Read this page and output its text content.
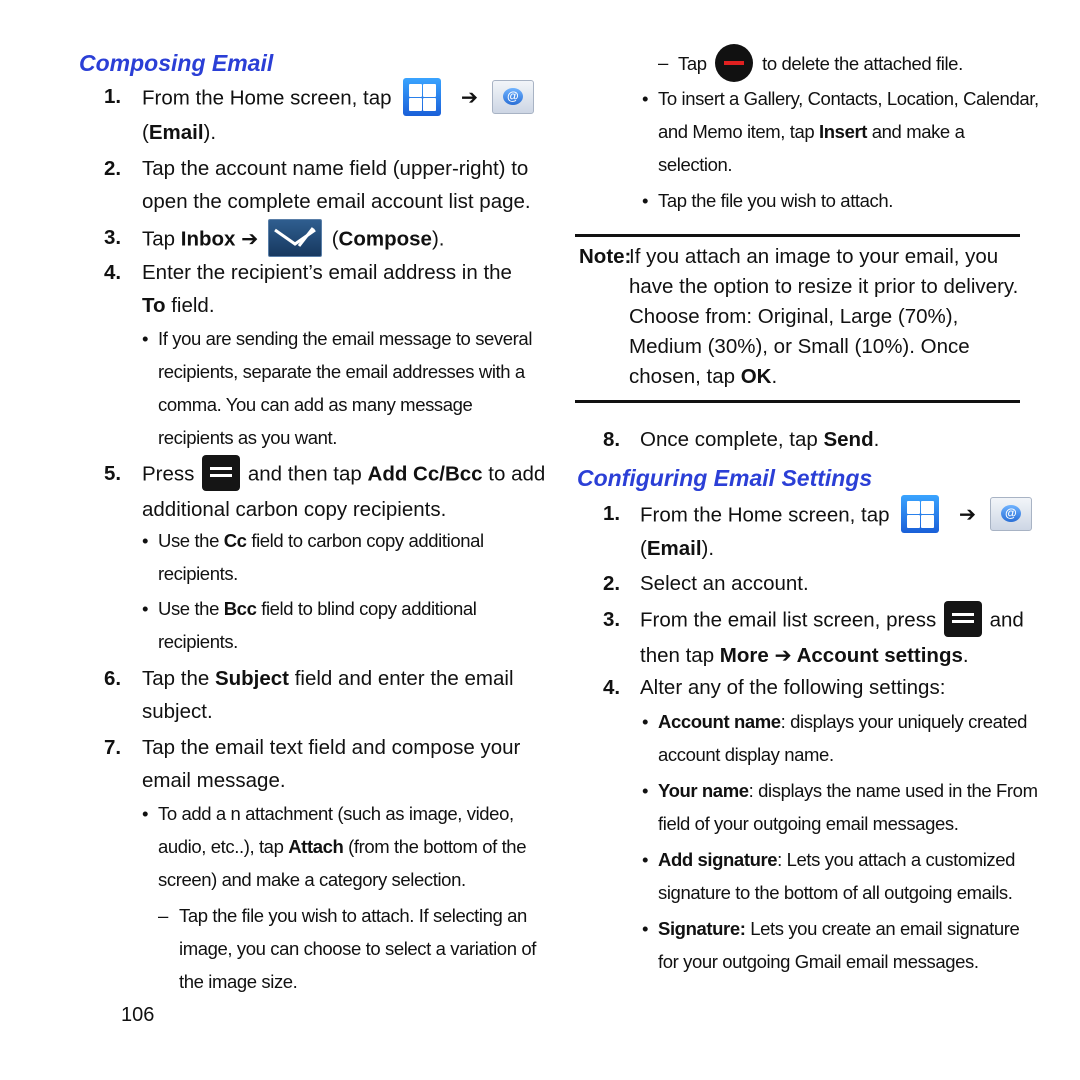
Composing Email
1. From the Home screen, tap	➔	@
(Email).
2. Tap the account name field (upper-right) to
open the complete email account list page.
3. Tap Inbox ➔	(Compose).
4. Enter the recipient’s email address in the
To field.
• If you are sending the email message to several
recipients, separate the email addresses with a
comma. You can add as many message
recipients as you want.
5. Press	and then tap Add Cc/Bcc to add
additional carbon copy recipients.
• Use the Cc field to carbon copy additional
recipients.
• Use the Bcc field to blind copy additional
recipients.
6. Tap the Subject field and enter the email
subject.
7. Tap the email text field and compose your
email message.
• To add a n attachment (such as image, video,
audio, etc..), tap Attach (from the bottom of the
screen) and make a category selection.
– Tap the file you wish to attach. If selecting an
image, you can choose to select a variation of
the image size.
106
– Tap	to delete the attached file.
• To insert a Gallery, Contacts, Location, Calendar,
and Memo item, tap Insert and make a
selection.
• Tap the file you wish to attach.
Note:
If you attach an image to your email, you
have the option to resize it prior to delivery.
Choose from: Original, Large (70%),
Medium (30%), or Small (10%). Once
chosen, tap OK.
8. Once complete, tap Send.
Configuring Email Settings
1. From the Home screen, tap	➔	@
(Email).
2. Select an account.
3. From the email list screen, press	and
then tap More ➔ Account settings.
4. Alter any of the following settings:
• Account name: displays your uniquely created
account display name.
• Your name: displays the name used in the From
field of your outgoing email messages.
• Add signature: Lets you attach a customized
signature to the bottom of all outgoing emails.
• Signature: Lets you create an email signature
for your outgoing Gmail email messages.
